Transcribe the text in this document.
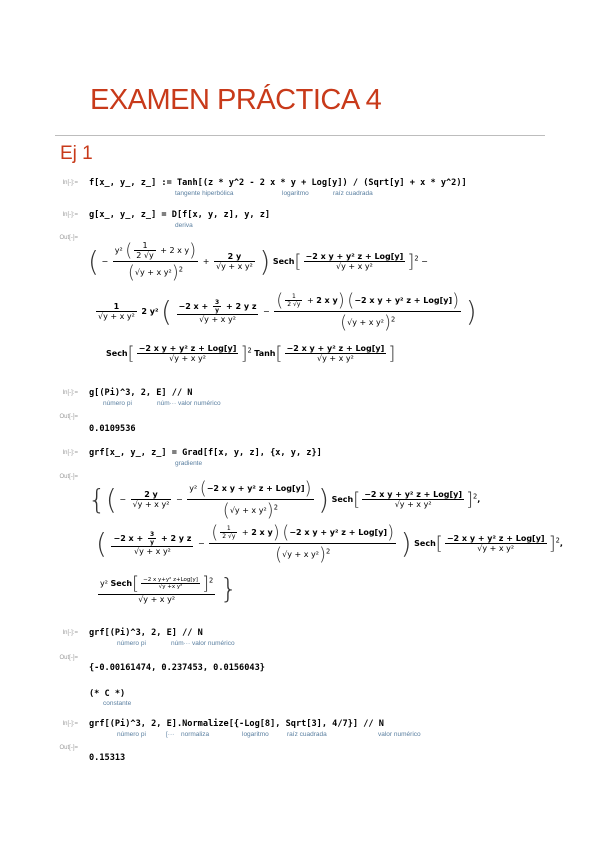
EXAMEN PRÁCTICA 4
Ej 1
In[-]:= f[x_, y_, z_] := Tanh[(z * y^2 - 2 x * y + Log[y]) / (Sqrt[y] + x * y^2)]
tangente hiperbólica	logaritmo	raíz cuadrada
In[-]:= g[x_, y_, z_] = D[f[x, y, z], y, z]
deriva
Out[-]=
( − $\frac{y^2 ( \frac{1}{2 √y} + 2 x y)}{(√y + x y^2)^2} + \frac{2 y}{\text{√y + x y²}}$ ) Sech[ $\frac{\text{−2 x y + y² z + Log[y]}}{\text{√y + x y²}} ]^2$ −
$\frac{1}{\text{√y + x y²}} 2$ y² ( $\frac{-2 x + \frac{3}{y} + 2 y z}{\text{√y + x y²}} - \frac{( \frac{1}{2 √y} + 2 x y) (-2 x y + y^2 z + Log[y])}{(√y + x y^2)^2}$ )
Sech[ $\frac{\text{−2 x y + y² z + Log[y]}}{\text{√y + x y²}} ]^2$ Tanh[ $\frac{\text{−2 x y + y² z + Log[y]}}{\text{√y + x y²}}$ ]
In[-]:= g[(Pi)^3, 2, E] // N
número pi	núm··· valor numérico
Out[-]=
0.0109536
In[-]:= grf[x_, y_, z_] = Grad[f[x, y, z], {x, y, z}]
gradiente
Out[-]=
{( − $\frac{2 y}{\text{√y + x y²}} - \frac{\text{y² (−2 x y + y² z + Log[y])}}{(√y + x y^2)^2}$ ) Sech[ $\frac{\text{−2 x y + y² z + Log[y]}}{\text{√y + x y²}} ]^2$,
( $\frac{-2 x + \frac{3}{y} + 2 y z}{\text{√y + x y²}} - \frac{( \frac{1}{2 √y} + 2 x y) (-2 x y + y^2 z + Log[y])}{(√y + x y^2)^2}$ ) Sech[ $\frac{\text{−2 x y + y² z + Log[y]}}{\text{√y + x y²}} ]^2$,
$\frac{y^2 Sech[ \frac{\text{−2 x y+y² z+Log[y]}}{\text{√y +x y²}} ]^2}{\text{√y + x y²}}$ }
In[-]:= grf[(Pi)^3, 2, E] // N
número pi	núm··· valor numérico
Out[-]=
{-0.00161474, 0.237453, 0.0156043}
(* C *)
constante
In[-]:= grf[(Pi)^3, 2, E].Normalize[{-Log[8], Sqrt[3], 4/7}] // N
número pi	[··· normaliza	logaritmo	raíz cuadrada	valor numérico
Out[-]=
0.15313
